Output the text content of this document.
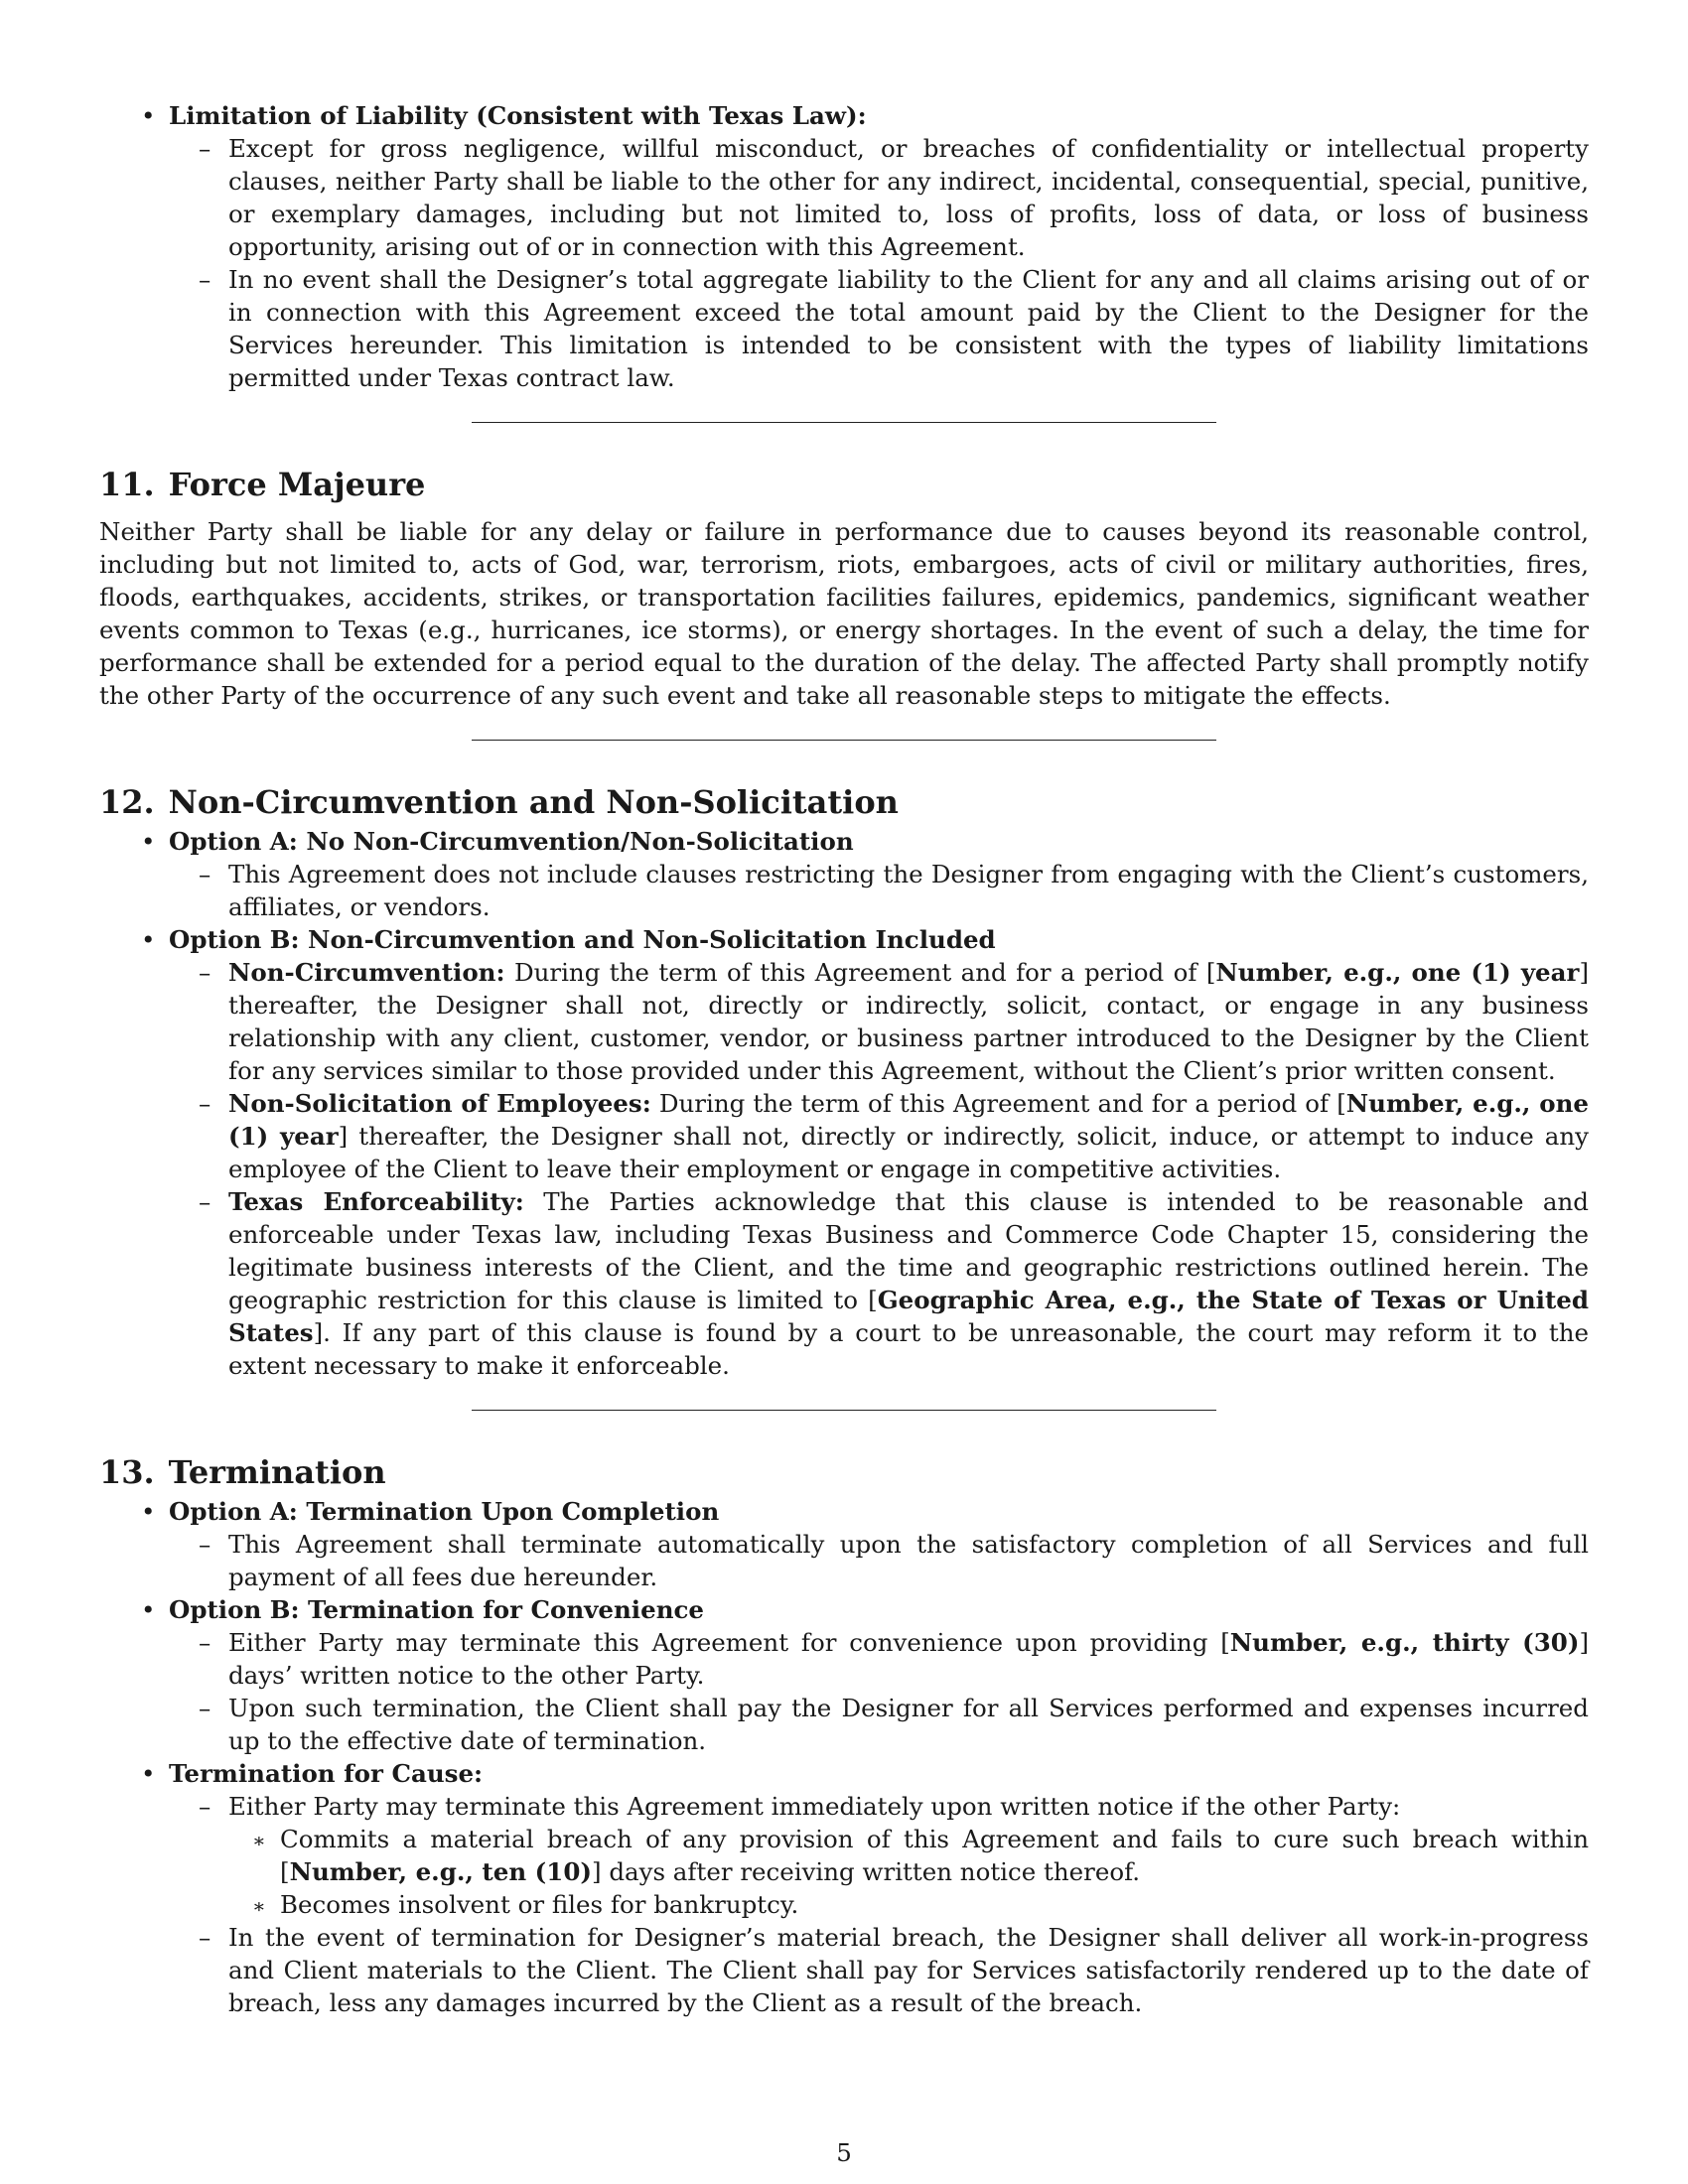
• Limitation of Liability (Consistent with Texas Law):
– Except for gross negligence, willful misconduct, or breaches of confidentiality or intellectual property clauses, neither Party shall be liable to the other for any indirect, incidental, consequential, special, punitive, or exemplary damages, including but not limited to, loss of profits, loss of data, or loss of business opportunity, arising out of or in connection with this Agreement.
– In no event shall the Designer’s total aggregate liability to the Client for any and all claims arising out of or in connection with this Agreement exceed the total amount paid by the Client to the Designer for the Services hereunder. This limitation is intended to be consistent with the types of liability limitations permitted under Texas contract law.
11. Force Majeure

Neither Party shall be liable for any delay or failure in performance due to causes beyond its reasonable control, including but not limited to, acts of God, war, terrorism, riots, embargoes, acts of civil or military authorities, fires, floods, earthquakes, accidents, strikes, or transportation facilities failures, epidemics, pandemics, significant weather events common to Texas (e.g., hurricanes, ice storms), or energy shortages. In the event of such a delay, the time for performance shall be extended for a period equal to the duration of the delay. The affected Party shall promptly notify the other Party of the occurrence of any such event and take all reasonable steps to mitigate the effects.

12. Non-Circumvention and Non-Solicitation
• Option A: No Non-Circumvention/Non-Solicitation
– This Agreement does not include clauses restricting the Designer from engaging with the Client’s customers, affiliates, or vendors.
• Option B: Non-Circumvention and Non-Solicitation Included
– Non-Circumvention: During the term of this Agreement and for a period of [Number, e.g., one (1) year] thereafter, the Designer shall not, directly or indirectly, solicit, contact, or engage in any business relationship with any client, customer, vendor, or business partner introduced to the Designer by the Client for any services similar to those provided under this Agreement, without the Client’s prior written consent.
– Non-Solicitation of Employees: During the term of this Agreement and for a period of [Number, e.g., one (1) year] thereafter, the Designer shall not, directly or indirectly, solicit, induce, or attempt to induce any employee of the Client to leave their employment or engage in competitive activities.
– Texas Enforceability: The Parties acknowledge that this clause is intended to be reasonable and enforceable under Texas law, including Texas Business and Commerce Code Chapter 15, considering the legitimate business interests of the Client, and the time and geographic restrictions outlined herein. The geographic restriction for this clause is limited to [Geographic Area, e.g., the State of Texas or United States]. If any part of this clause is found by a court to be unreasonable, the court may reform it to the extent necessary to make it enforceable.
13. Termination
• Option A: Termination Upon Completion
– This Agreement shall terminate automatically upon the satisfactory completion of all Services and full payment of all fees due hereunder.
• Option B: Termination for Convenience
– Either Party may terminate this Agreement for convenience upon providing [Number, e.g., thirty (30)] days’ written notice to the other Party.
– Upon such termination, the Client shall pay the Designer for all Services performed and expenses incurred up to the effective date of termination.
• Termination for Cause:
– Either Party may terminate this Agreement immediately upon written notice if the other Party:
∗ Commits a material breach of any provision of this Agreement and fails to cure such breach within [Number, e.g., ten (10)] days after receiving written notice thereof.
∗ Becomes insolvent or files for bankruptcy.
– In the event of termination for Designer’s material breach, the Designer shall deliver all work-in-progress and Client materials to the Client. The Client shall pay for Services satisfactorily rendered up to the date of breach, less any damages incurred by the Client as a result of the breach.
5
